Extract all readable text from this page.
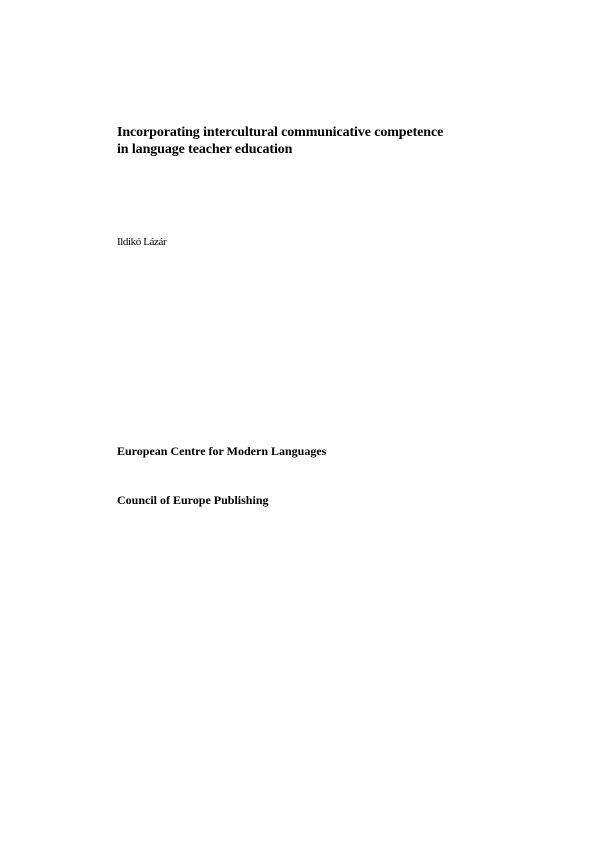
Incorporating intercultural communicative competence
in language teacher education

Ildikó Lázár

European Centre for Modern Languages

Council of Europe Publishing
